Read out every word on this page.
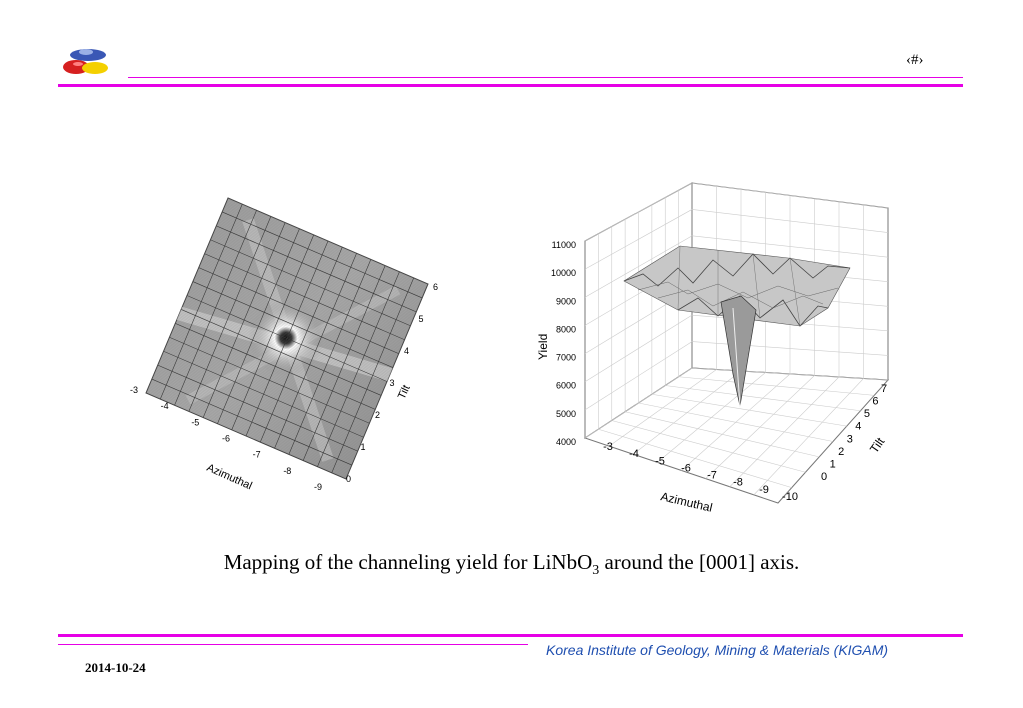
‹#›
-3
-4
-5
-6
-7
-8
-9
0
1
2
3
4
5
6
Azimuthal
Tilt
4000
5000
6000
7000
8000
9000
10000
11000
-3
-4
-5
-6
-7
-8
-9
-10
0
1
2
3
4
5
6
7
Yield
Azimuthal
Tilt
Mapping of the channeling yield for LiNbO$_3$ around the [0001] axis.
Korea Institute of Geology, Mining & Materials (KIGAM)
2014-10-24
